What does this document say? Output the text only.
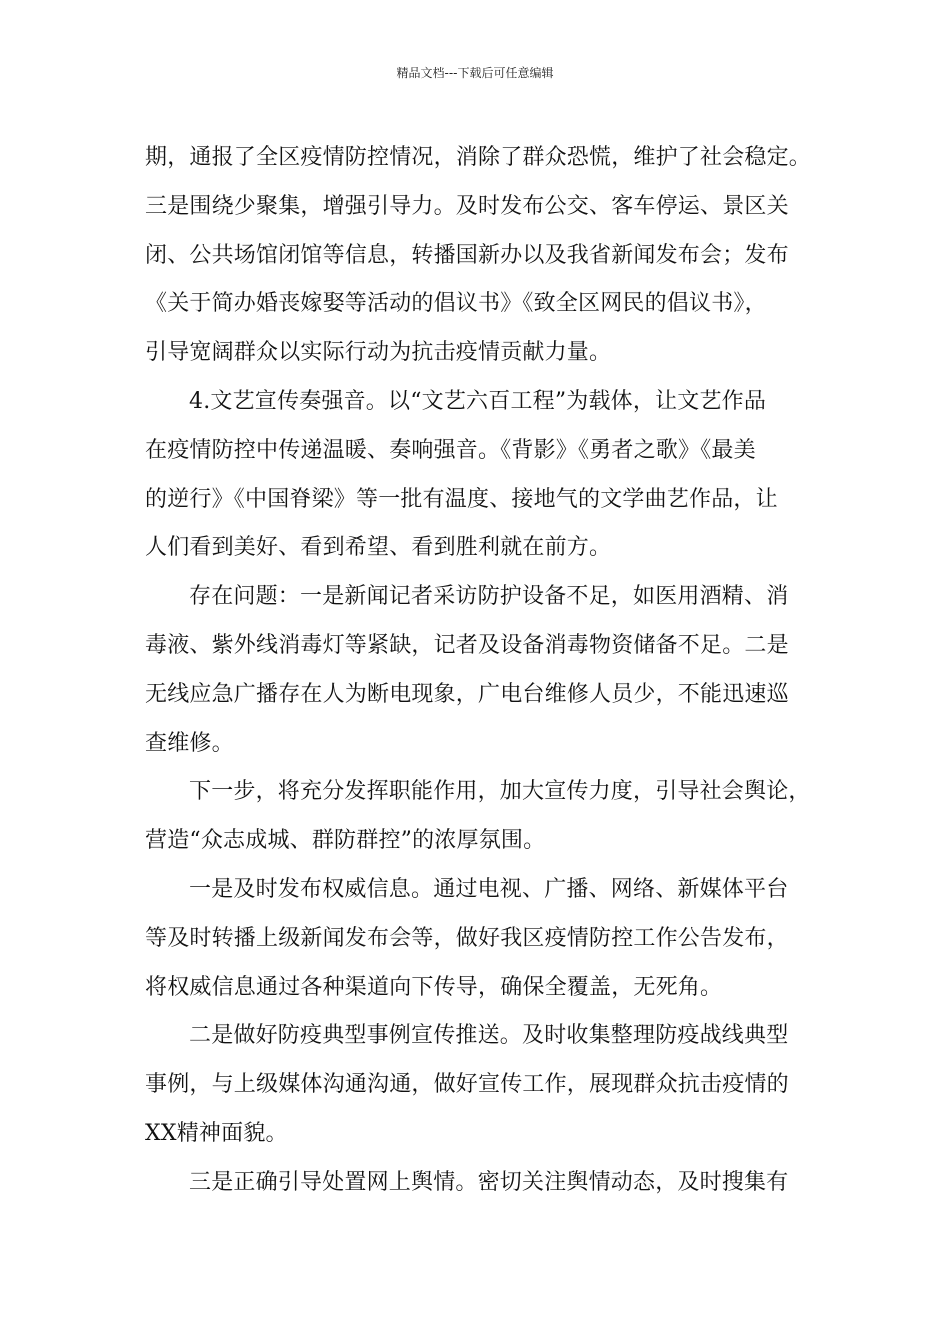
精品文档---下载后可任意编辑

期，通报了全区疫情防控情况，消除了群众恐慌，维护了社会稳定。
三是围绕少聚集，增强引导力。及时发布公交、客车停运、景区关
闭、公共场馆闭馆等信息，转播国新办以及我省新闻发布会；发布
《关于简办婚丧嫁娶等活动的倡议书》《致全区网民的倡议书》，
引导宽阔群众以实际行动为抗击疫情贡献力量。

4.文艺宣传奏强音。以“文艺六百工程”为载体，让文艺作品
在疫情防控中传递温暖、奏响强音。《背影》《勇者之歌》《最美
的逆行》《中国脊梁》等一批有温度、接地气的文学曲艺作品，让
人们看到美好、看到希望、看到胜利就在前方。

存在问题：一是新闻记者采访防护设备不足，如医用酒精、消
毒液、紫外线消毒灯等紧缺，记者及设备消毒物资储备不足。二是
无线应急广播存在人为断电现象，广电台维修人员少，不能迅速巡
查维修。

下一步，将充分发挥职能作用，加大宣传力度，引导社会舆论，
营造“众志成城、群防群控”的浓厚氛围。

一是及时发布权威信息。通过电视、广播、网络、新媒体平台
等及时转播上级新闻发布会等，做好我区疫情防控工作公告发布，
将权威信息通过各种渠道向下传导，确保全覆盖，无死角。

二是做好防疫典型事例宣传推送。及时收集整理防疫战线典型
事例，与上级媒体沟通沟通，做好宣传工作，展现群众抗击疫情的
XX精神面貌。

三是正确引导处置网上舆情。密切关注舆情动态，及时搜集有
